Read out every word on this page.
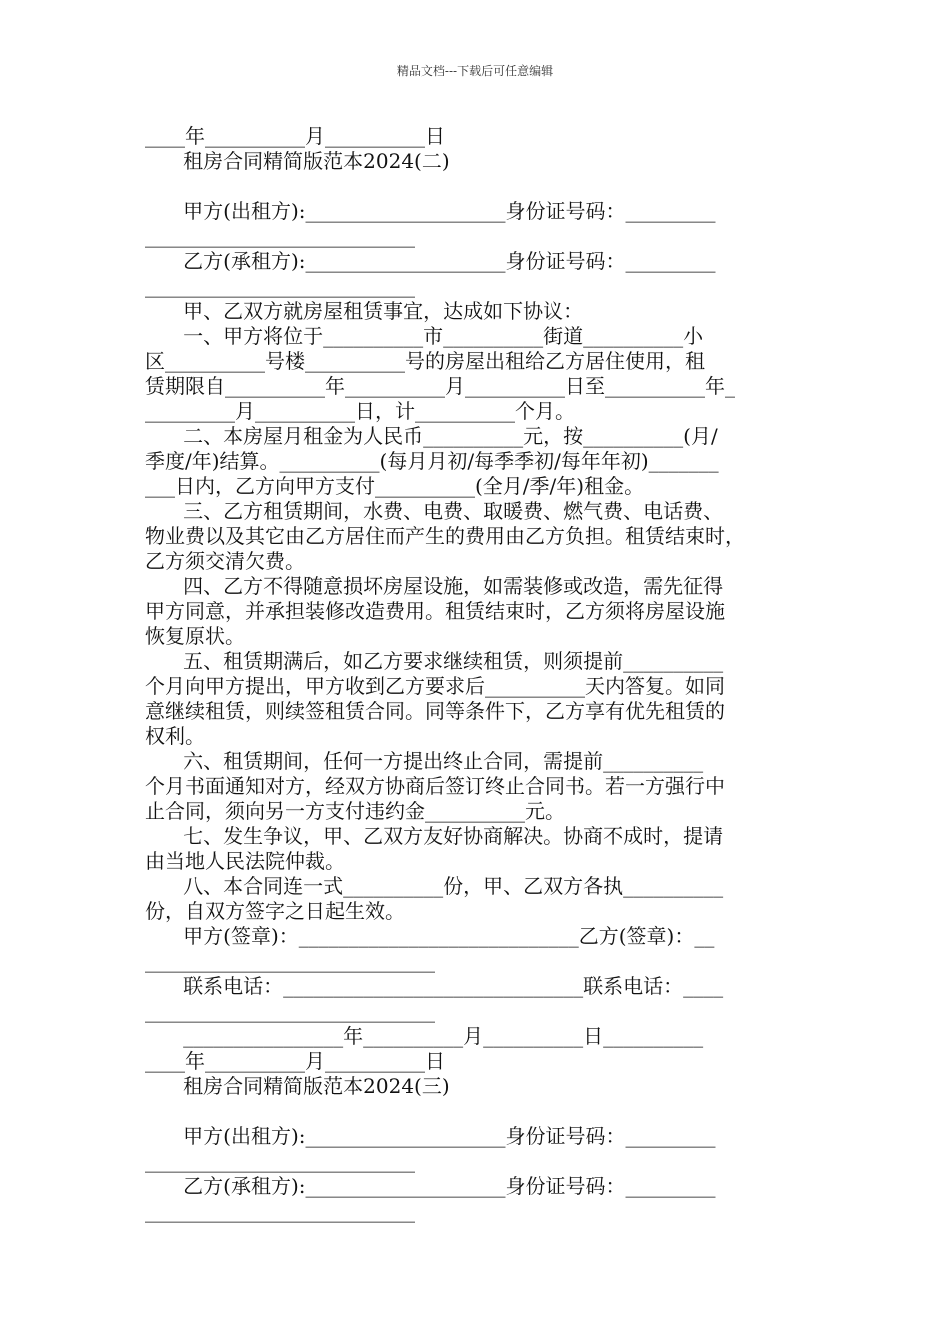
精品文档---下载后可任意编辑
____年__________月__________日
租房合同精简版范本2024(二)
甲方(出租方):____________________身份证号码：_________
___________________________
乙方(承租方):____________________身份证号码：_________
___________________________
甲、乙双方就房屋租赁事宜，达成如下协议：
一、甲方将位于__________市__________街道__________小
区__________号楼__________号的房屋出租给乙方居住使用，租
赁期限自__________年__________月__________日至__________年_
_________月__________日，计__________个月。
二、本房屋月租金为人民币__________元，按__________(月/
季度/年)结算。__________(每月月初/每季季初/每年年初)_______
___日内，乙方向甲方支付__________(全月/季/年)租金。
三、乙方租赁期间，水费、电费、取暖费、燃气费、电话费、
物业费以及其它由乙方居住而产生的费用由乙方负担。租赁结束时，
乙方须交清欠费。
四、乙方不得随意损坏房屋设施，如需装修或改造，需先征得
甲方同意，并承担装修改造费用。租赁结束时，乙方须将房屋设施
恢复原状。
五、租赁期满后，如乙方要求继续租赁，则须提前__________
个月向甲方提出，甲方收到乙方要求后__________天内答复。如同
意继续租赁，则续签租赁合同。同等条件下，乙方享有优先租赁的
权利。
六、租赁期间，任何一方提出终止合同，需提前__________
个月书面通知对方，经双方协商后签订终止合同书。若一方强行中
止合同，须向另一方支付违约金__________元。
七、发生争议，甲、乙双方友好协商解决。协商不成时，提请
由当地人民法院仲裁。
八、本合同连一式__________份，甲、乙双方各执__________
份，自双方签字之日起生效。
甲方(签章)：____________________________乙方(签章)：__
_____________________________
联系电话：______________________________联系电话：____
_____________________________
________________年__________月__________日__________
____年__________月__________日
租房合同精简版范本2024(三)
甲方(出租方):____________________身份证号码：_________
___________________________
乙方(承租方):____________________身份证号码：_________
___________________________
